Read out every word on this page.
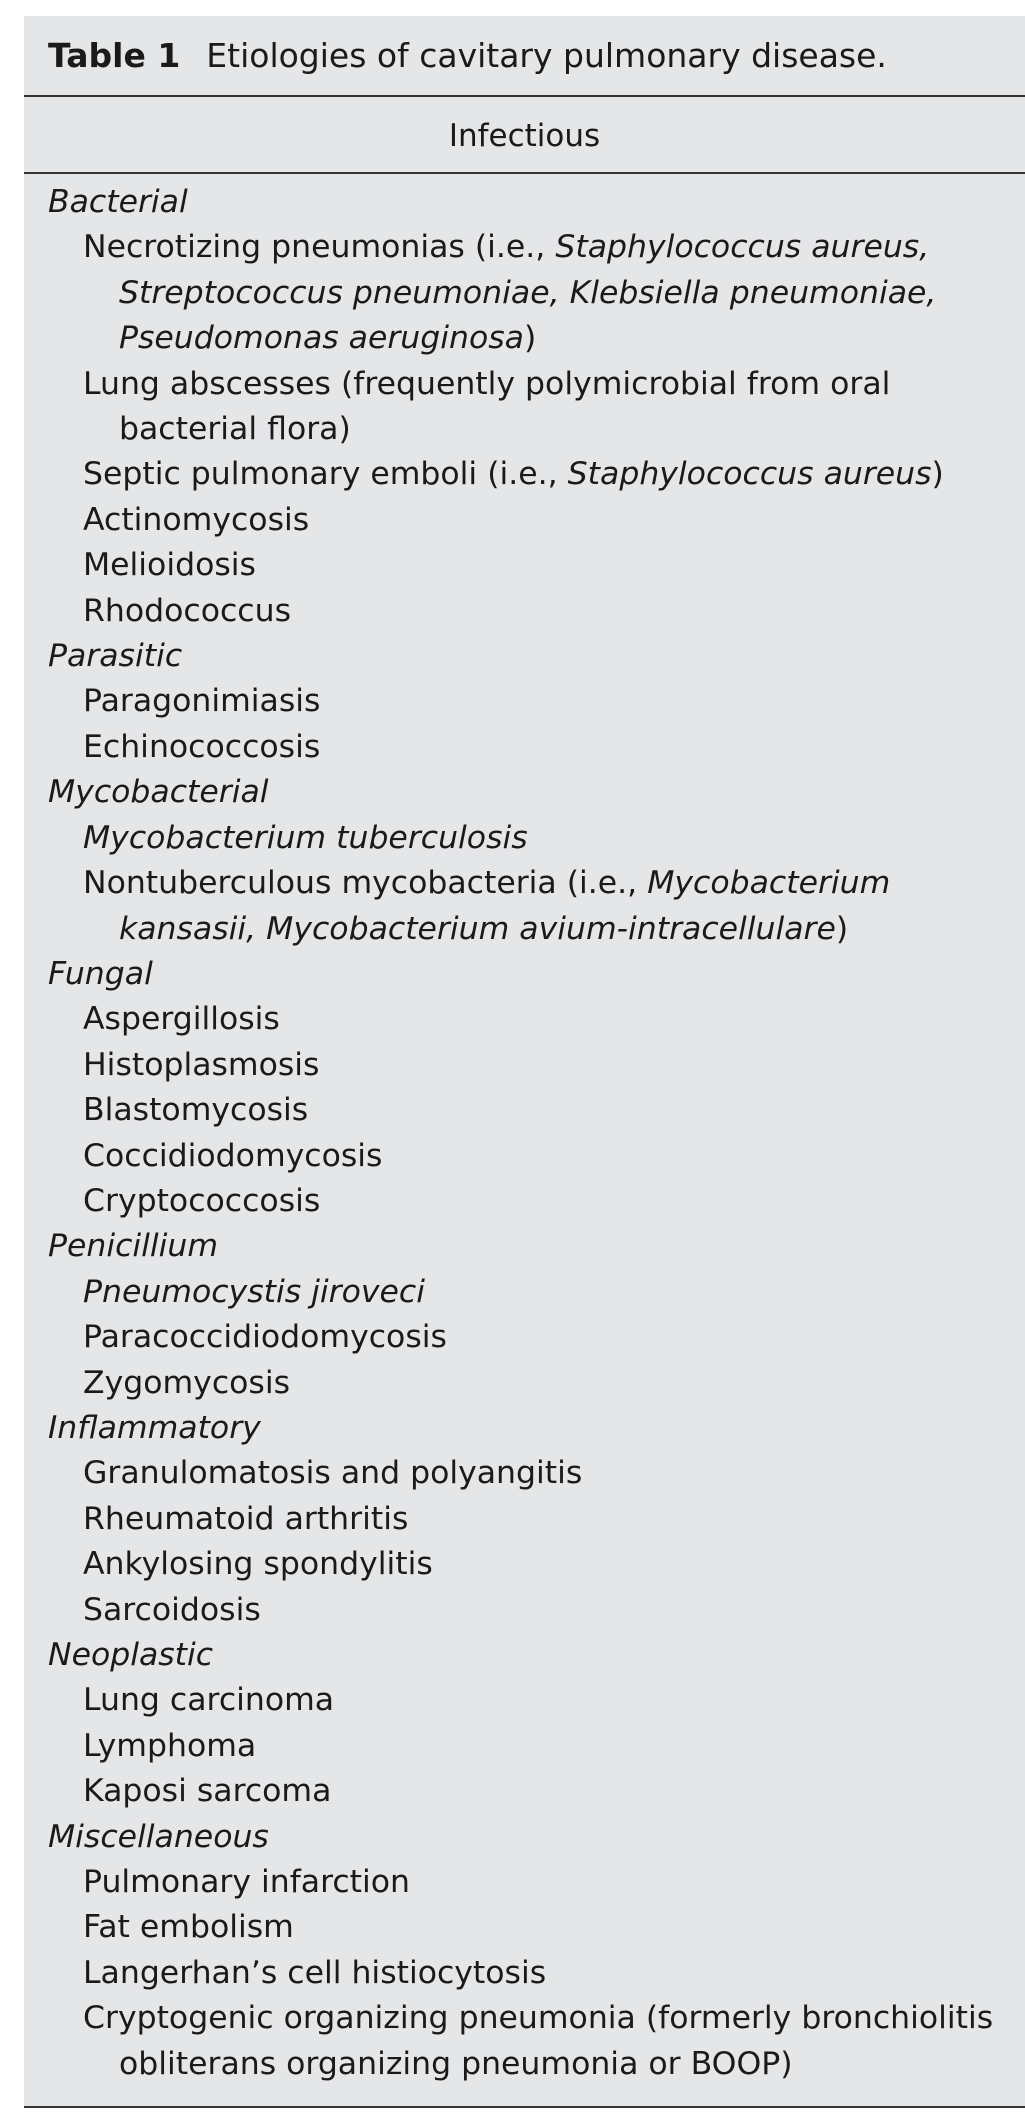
Table 1 Etiologies of cavitary pulmonary disease.
Infectious
Bacterial
Necrotizing pneumonias (i.e., Staphylococcus aureus,
Streptococcus pneumoniae, Klebsiella pneumoniae,
Pseudomonas aeruginosa)
Lung abscesses (frequently polymicrobial from oral
bacterial flora)
Septic pulmonary emboli (i.e., Staphylococcus aureus)
Actinomycosis
Melioidosis
Rhodococcus
Parasitic
Paragonimiasis
Echinococcosis
Mycobacterial
Mycobacterium tuberculosis
Nontuberculous mycobacteria (i.e., Mycobacterium
kansasii, Mycobacterium avium-intracellulare)
Fungal
Aspergillosis
Histoplasmosis
Blastomycosis
Coccidiodomycosis
Cryptococcosis
Penicillium
Pneumocystis jiroveci
Paracoccidiodomycosis
Zygomycosis
Inflammatory
Granulomatosis and polyangitis
Rheumatoid arthritis
Ankylosing spondylitis
Sarcoidosis
Neoplastic
Lung carcinoma
Lymphoma
Kaposi sarcoma
Miscellaneous
Pulmonary infarction
Fat embolism
Langerhan’s cell histiocytosis
Cryptogenic organizing pneumonia (formerly bronchiolitis
obliterans organizing pneumonia or BOOP)
